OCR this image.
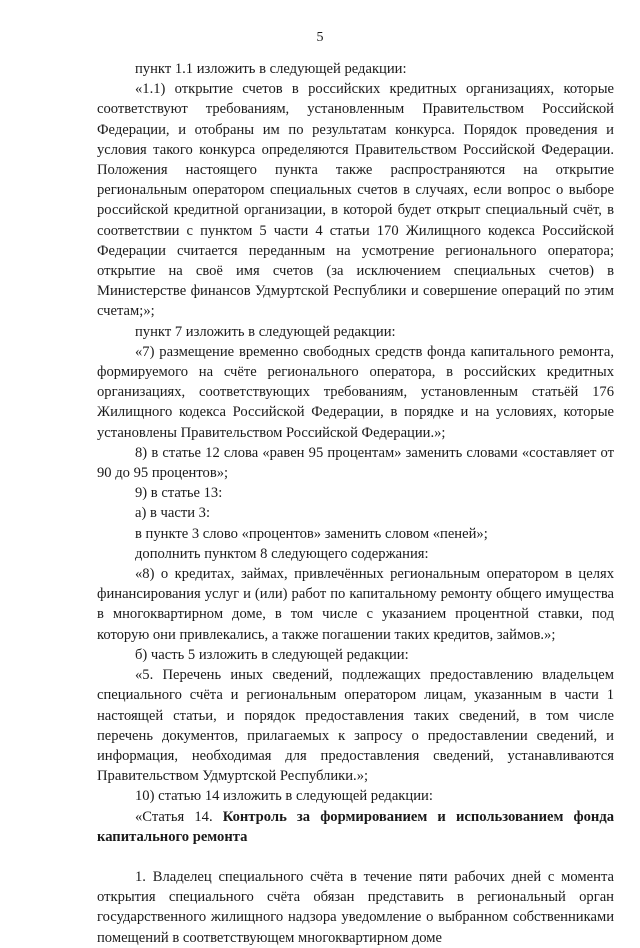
5

пункт 1.1 изложить в следующей редакции:

«1.1) открытие счетов в российских кредитных организациях, которые соответствуют требованиям, установленным Правительством Российской Федерации, и отобраны им по результатам конкурса. Порядок проведения и условия такого конкурса определяются Правительством Российской Федерации. Положения настоящего пункта также распространяются на открытие региональным оператором специальных счетов в случаях, если вопрос о выборе российской кредитной организации, в которой будет открыт специальный счёт, в соответствии с пунктом 5 части 4 статьи 170 Жилищного кодекса Российской Федерации считается переданным на усмотрение регионального оператора; открытие на своё имя счетов (за исключением специальных счетов) в Министерстве финансов Удмуртской Республики и совершение операций по этим счетам;»;

пункт 7 изложить в следующей редакции:

«7) размещение временно свободных средств фонда капитального ремонта, формируемого на счёте регионального оператора, в российских кредитных организациях, соответствующих требованиям, установленным статьёй 176 Жилищного кодекса Российской Федерации, в порядке и на условиях, которые установлены Правительством Российской Федерации.»;

8) в статье 12 слова «равен 95 процентам» заменить словами «составляет от 90 до 95 процентов»;

9) в статье 13:

а) в части 3:

в пункте 3 слово «процентов» заменить словом «пеней»;

дополнить пунктом 8 следующего содержания:

«8) о кредитах, займах, привлечённых региональным оператором в целях финансирования услуг и (или) работ по капитальному ремонту общего имущества в многоквартирном доме, в том числе с указанием процентной ставки, под которую они привлекались, а также погашении таких кредитов, займов.»;

б) часть 5 изложить в следующей редакции:

«5. Перечень иных сведений, подлежащих предоставлению владельцем специального счёта и региональным оператором лицам, указанным в части 1 настоящей статьи, и порядок предоставления таких сведений, в том числе перечень документов, прилагаемых к запросу о предоставлении сведений, и информация, необходимая для предоставления сведений, устанавливаются Правительством Удмуртской Республики.»;

10) статью 14 изложить в следующей редакции:

«Статья 14. Контроль за формированием и использованием фонда капитального ремонта

1. Владелец специального счёта в течение пяти рабочих дней с момента открытия специального счёта обязан представить в региональный орган государственного жилищного надзора уведомление о выбранном собственниками помещений в соответствующем многоквартирном доме
